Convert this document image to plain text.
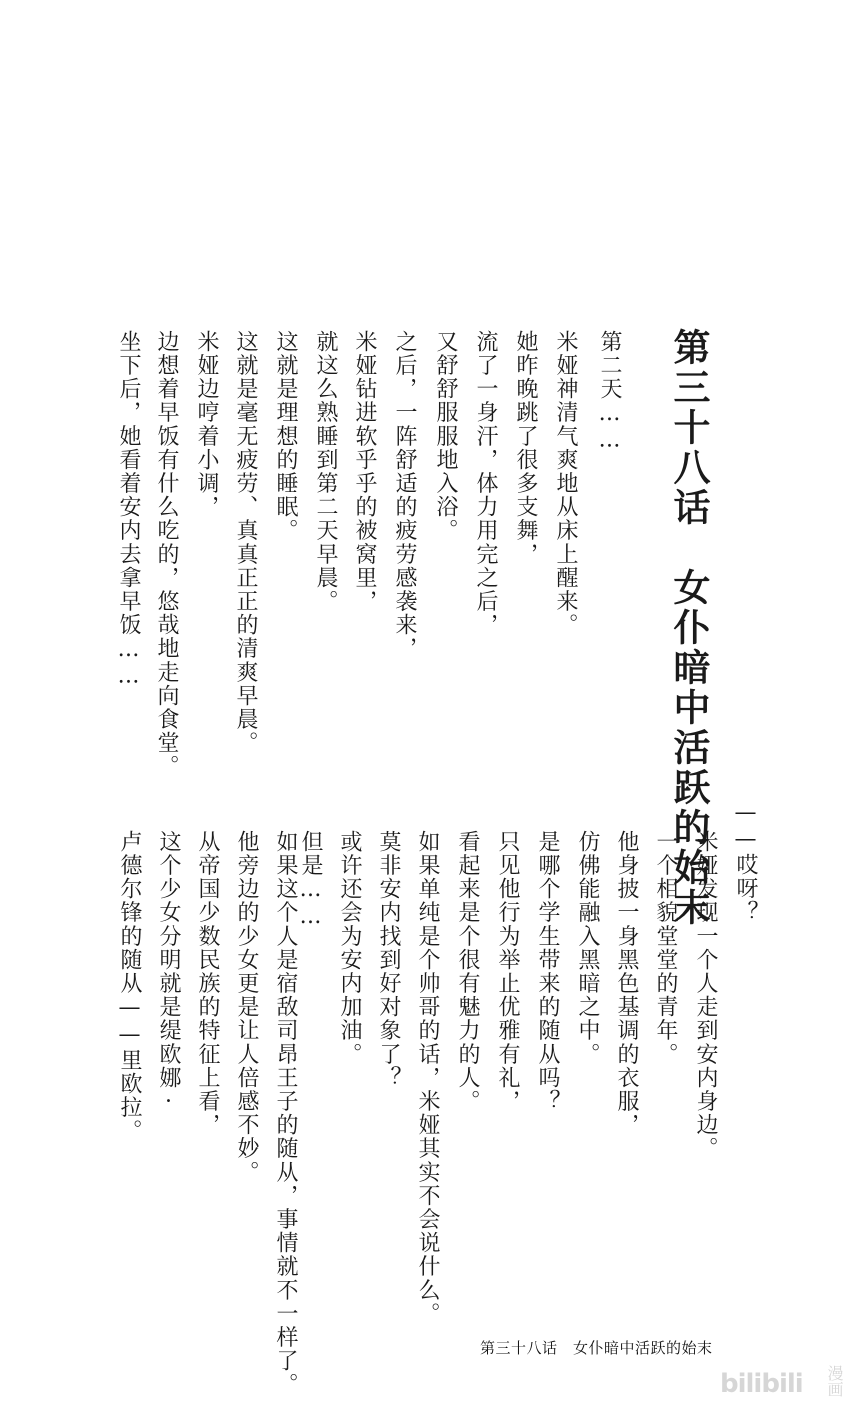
第三十八话　女仆暗中活跃的始末
第二天……
米娅神清气爽地从床上醒来。
她昨晚跳了很多支舞，
流了一身汗，体力用完之后，
又舒舒服服地入浴。
之后，一阵舒适的疲劳感袭来，
米娅钻进软乎乎的被窝里，
就这么熟睡到第二天早晨。
这就是理想的睡眠。
这就是毫无疲劳、真真正正的清爽早晨。
米娅边哼着小调，
边想着早饭有什么吃的，悠哉地走向食堂。
坐下后，她看着安内去拿早饭……
——哎呀？
米娅发现一个人走到安内身边。
一个相貌堂堂的青年。
他身披一身黑色基调的衣服，
仿佛能融入黑暗之中。
是哪个学生带来的随从吗？
只见他行为举止优雅有礼，
看起来是个很有魅力的人。
如果单纯是个帅哥的话，米娅其实不会说什么。
莫非安内找到好对象了？
或许还会为安内加油。
但是……
如果这个人是宿敌司昂王子的随从，事情就不一样了。
他旁边的少女更是让人倍感不妙。
从帝国少数民族的特征上看，
这个少女分明就是缇欧娜·
卢德尔锋的随从——里欧拉。
第三十八话　女仆暗中活跃的始末
bilibili	漫画
